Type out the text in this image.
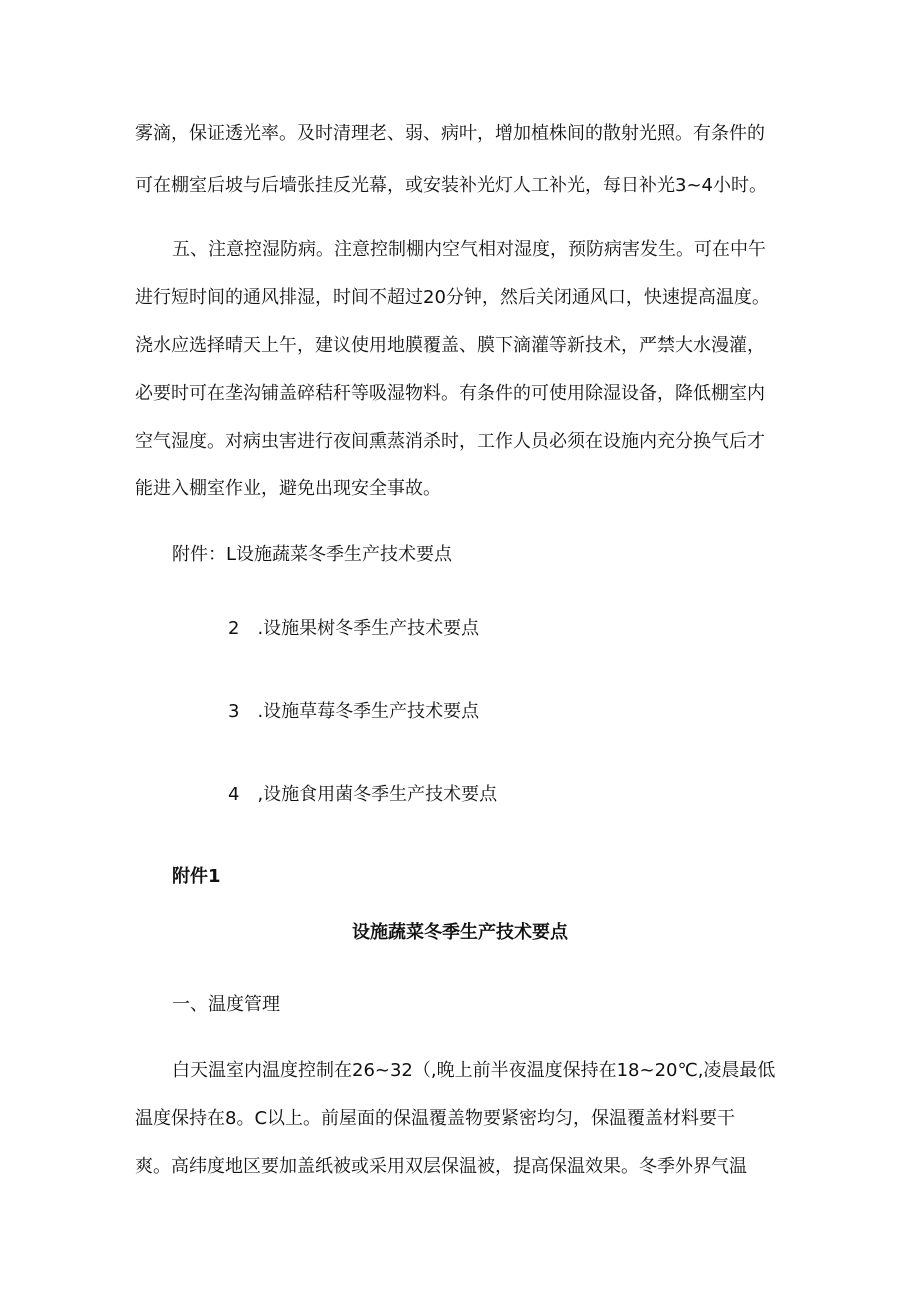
雾滴，保证透光率。及时清理老、弱、病叶，增加植株间的散射光照。有条件的
可在棚室后坡与后墙张挂反光幕，或安装补光灯人工补光，每日补光3~4小时。
五、注意控湿防病。注意控制棚内空气相对湿度，预防病害发生。可在中午
进行短时间的通风排湿，时间不超过20分钟，然后关闭通风口，快速提高温度。
浇水应选择晴天上午，建议使用地膜覆盖、膜下滴灌等新技术，严禁大水漫灌，
必要时可在垄沟铺盖碎秸秆等吸湿物料。有条件的可使用除湿设备，降低棚室内
空气湿度。对病虫害进行夜间熏蒸消杀时，工作人员必须在设施内充分换气后才
能进入棚室作业，避免出现安全事故。
附件：L设施蔬菜冬季生产技术要点
2　.设施果树冬季生产技术要点
3　.设施草莓冬季生产技术要点
4　,设施食用菌冬季生产技术要点
附件1
设施蔬菜冬季生产技术要点
一、温度管理
白天温室内温度控制在26~32（,晚上前半夜温度保持在18~20℃,凌晨最低
温度保持在8。C以上。前屋面的保温覆盖物要紧密均匀，保温覆盖材料要干
爽。高纬度地区要加盖纸被或采用双层保温被，提高保温效果。冬季外界气温
